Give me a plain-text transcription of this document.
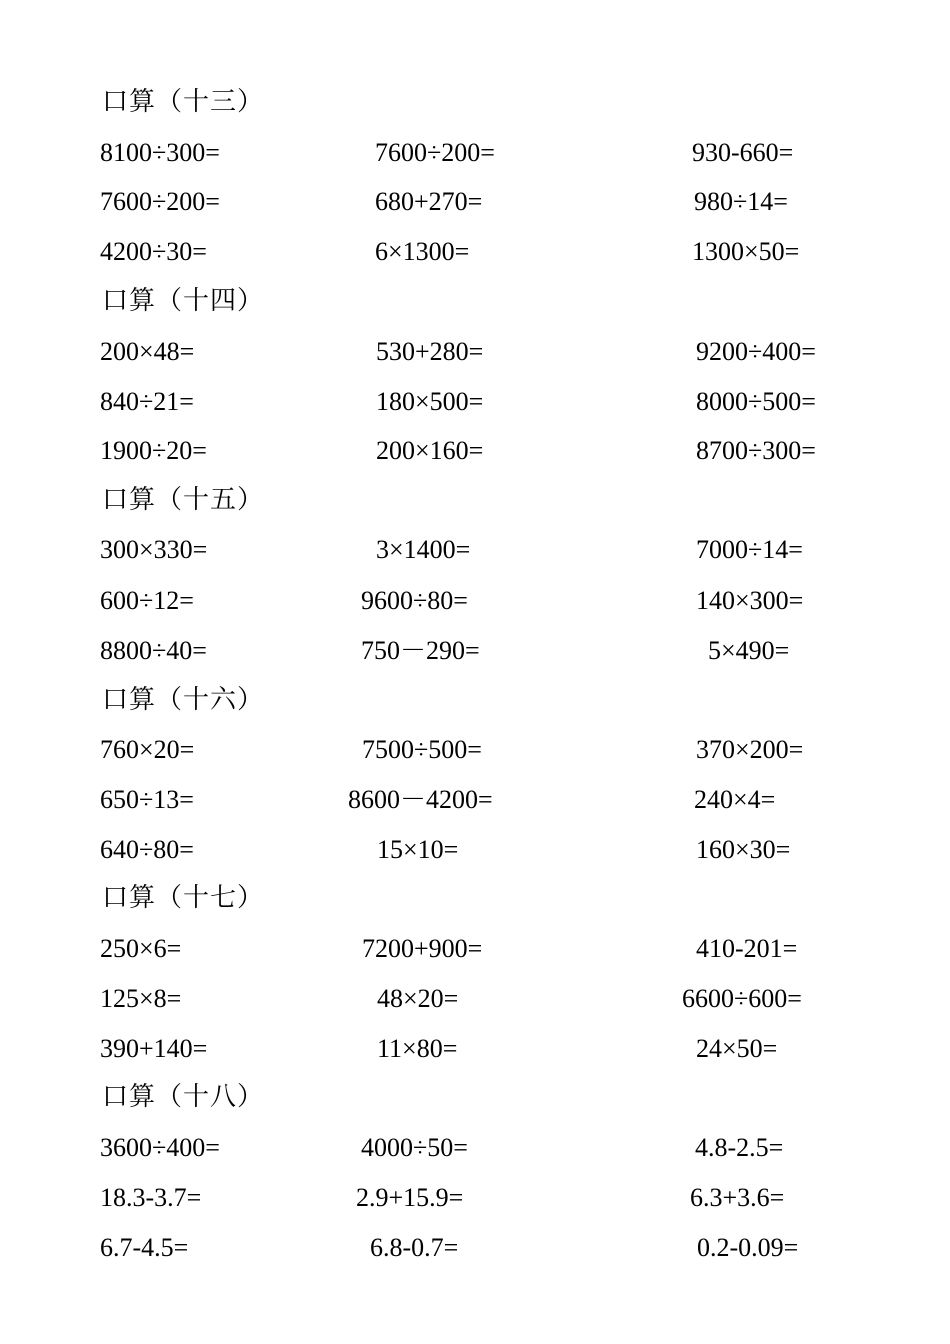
口算（十三）
8100÷300=	7600÷200=	930-660=
7600÷200=	680+270=	980÷14=
4200÷30=	6×1300=	1300×50=
口算（十四）
200×48=	530+280=	9200÷400=
840÷21=	180×500=	8000÷500=
1900÷20=	200×160=	8700÷300=
口算（十五）
300×330=	3×1400=	7000÷14=
600÷12=	9600÷80=	140×300=
8800÷40=	750－290=	5×490=
口算（十六）
760×20=	7500÷500=	370×200=
650÷13=	8600－4200=	240×4=
640÷80=	15×10=	160×30=
口算（十七）
250×6=	7200+900=	410-201=
125×8=	48×20=	6600÷600=
390+140=	11×80=	24×50=
口算（十八）
3600÷400=	4000÷50=	4.8-2.5=
18.3-3.7=	2.9+15.9=	6.3+3.6=
6.7-4.5=	6.8-0.7=	0.2-0.09=
